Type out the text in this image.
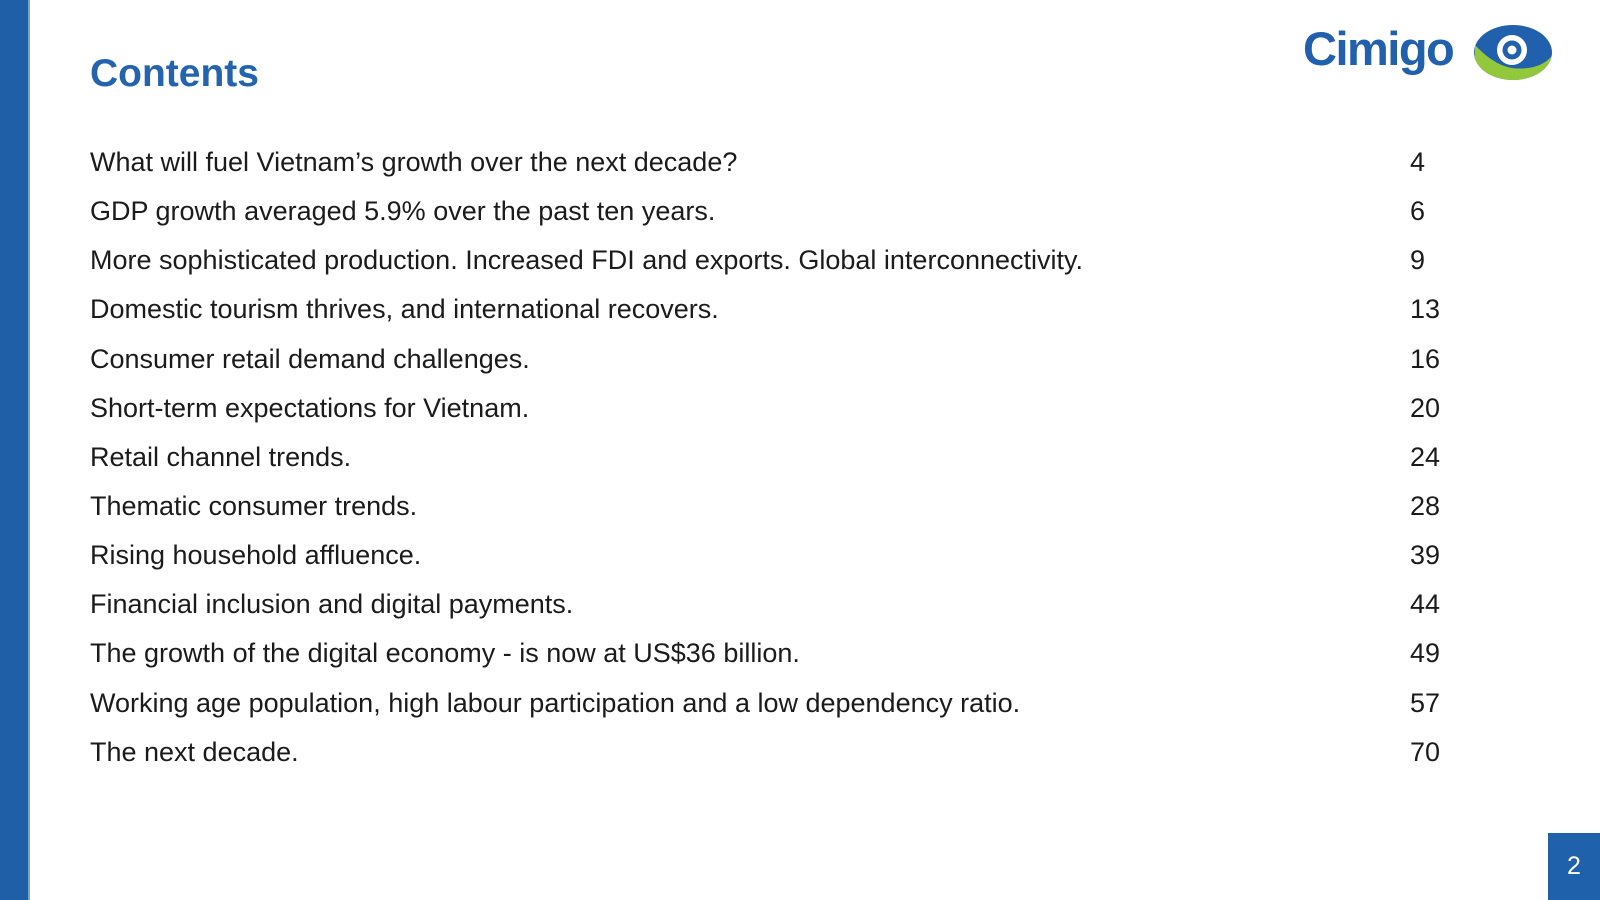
Contents	Cimigo
What will fuel Vietnam’s growth over the next decade?	4
GDP growth averaged 5.9% over the past ten years.	6
More sophisticated production. Increased FDI and exports. Global interconnectivity.	9
Domestic tourism thrives, and international recovers.	13
Consumer retail demand challenges.	16
Short-term expectations for Vietnam.	20
Retail channel trends.	24
Thematic consumer trends.	28
Rising household affluence.	39
Financial inclusion and digital payments.	44
The growth of the digital economy - is now at US$36 billion.	49
Working age population, high labour participation and a low dependency ratio.	57
The next decade.	70
2
